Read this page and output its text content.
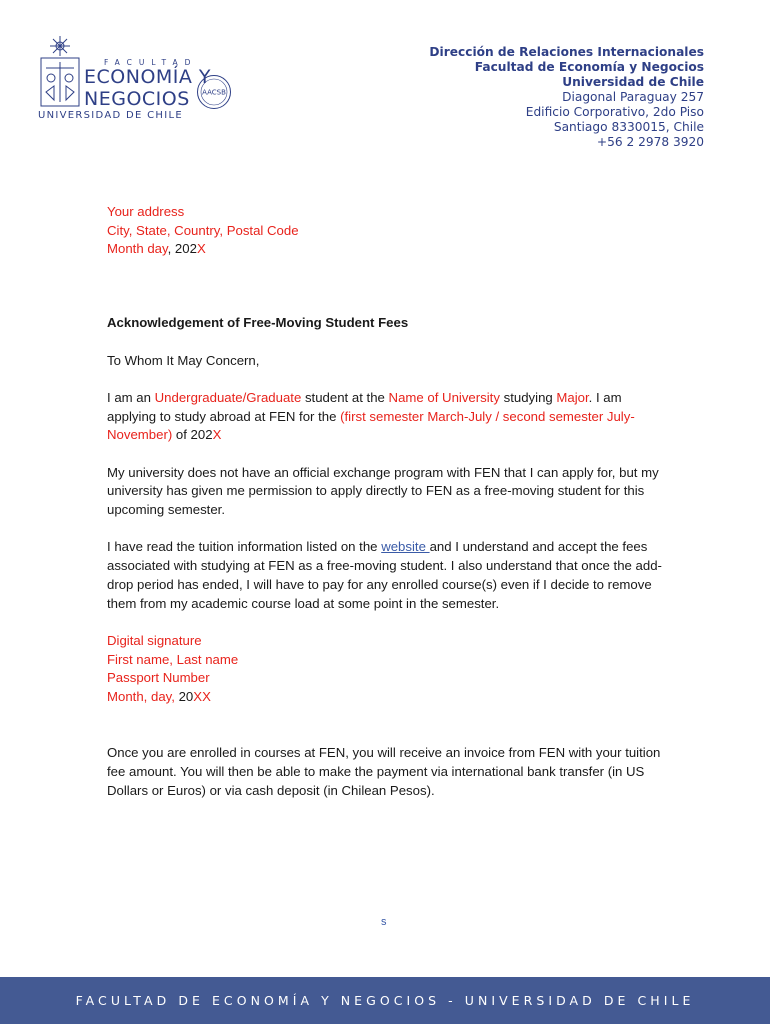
FACULTAD
ECONOMÍA Y
NEGOCIOS
UNIVERSIDAD DE CHILE
AACSB
Dirección de Relaciones Internacionales
Facultad de Economía y Negocios
Universidad de Chile
Diagonal Paraguay 257
Edificio Corporativo, 2do Piso
Santiago 8330015, Chile
+56 2 2978 3920
Your address
City, State, Country, Postal Code
Month day, 202X
Acknowledgement of Free-Moving Student Fees
To Whom It May Concern,
I am an Undergraduate/Graduate student at the Name of University studying Major. I am applying to study abroad at FEN for the (first semester March-July / second semester July-November) of 202X
My university does not have an official exchange program with FEN that I can apply for, but my university has given me permission to apply directly to FEN as a free-moving student for this upcoming semester.
I have read the tuition information listed on the website and I understand and accept the fees associated with studying at FEN as a free-moving student. I also understand that once the add-drop period has ended, I will have to pay for any enrolled course(s) even if I decide to remove them from my academic course load at some point in the semester.
Digital signature
First name, Last name
Passport Number
Month, day, 20XX
Once you are enrolled in courses at FEN, you will receive an invoice from FEN with your tuition fee amount. You will then be able to make the payment via international bank transfer (in US Dollars or Euros) or via cash deposit (in Chilean Pesos).
s
FACULTAD DE ECONOMÍA Y NEGOCIOS - UNIVERSIDAD DE CHILE
